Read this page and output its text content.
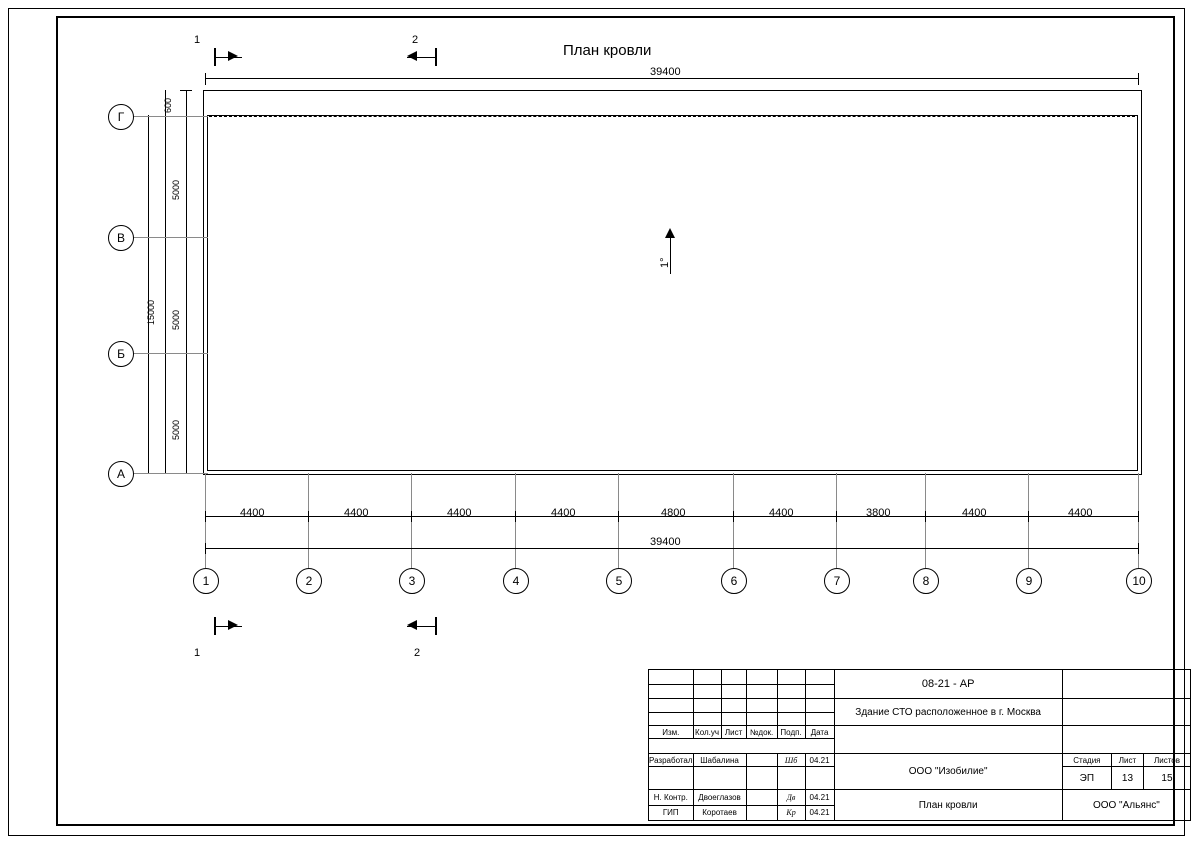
План кровли
39400
1	2
1°
600
5000
5000
5000
15000
Г
В
Б
А
4400	4400	4400	4400	4800	4400	3800	4400	4400
39400
1	2	3	4	5	6	7	8	9	10
1	2
						08-21 - АР			

						Здание СТО расположенное в г. Москва			

Изм.	Кол.уч	Лист	№док.	Подп.	Дата				

Разработал	Шабалина			Шб	04.21	ООО "Изобилие"	Стадия	Лист	Листов
							ЭП	13	15
Н. Контр.	Двоеглазов			Дв	04.21	План кровли	ООО "Альянс"		
ГИП	Коротаев			Кр	04.21				
